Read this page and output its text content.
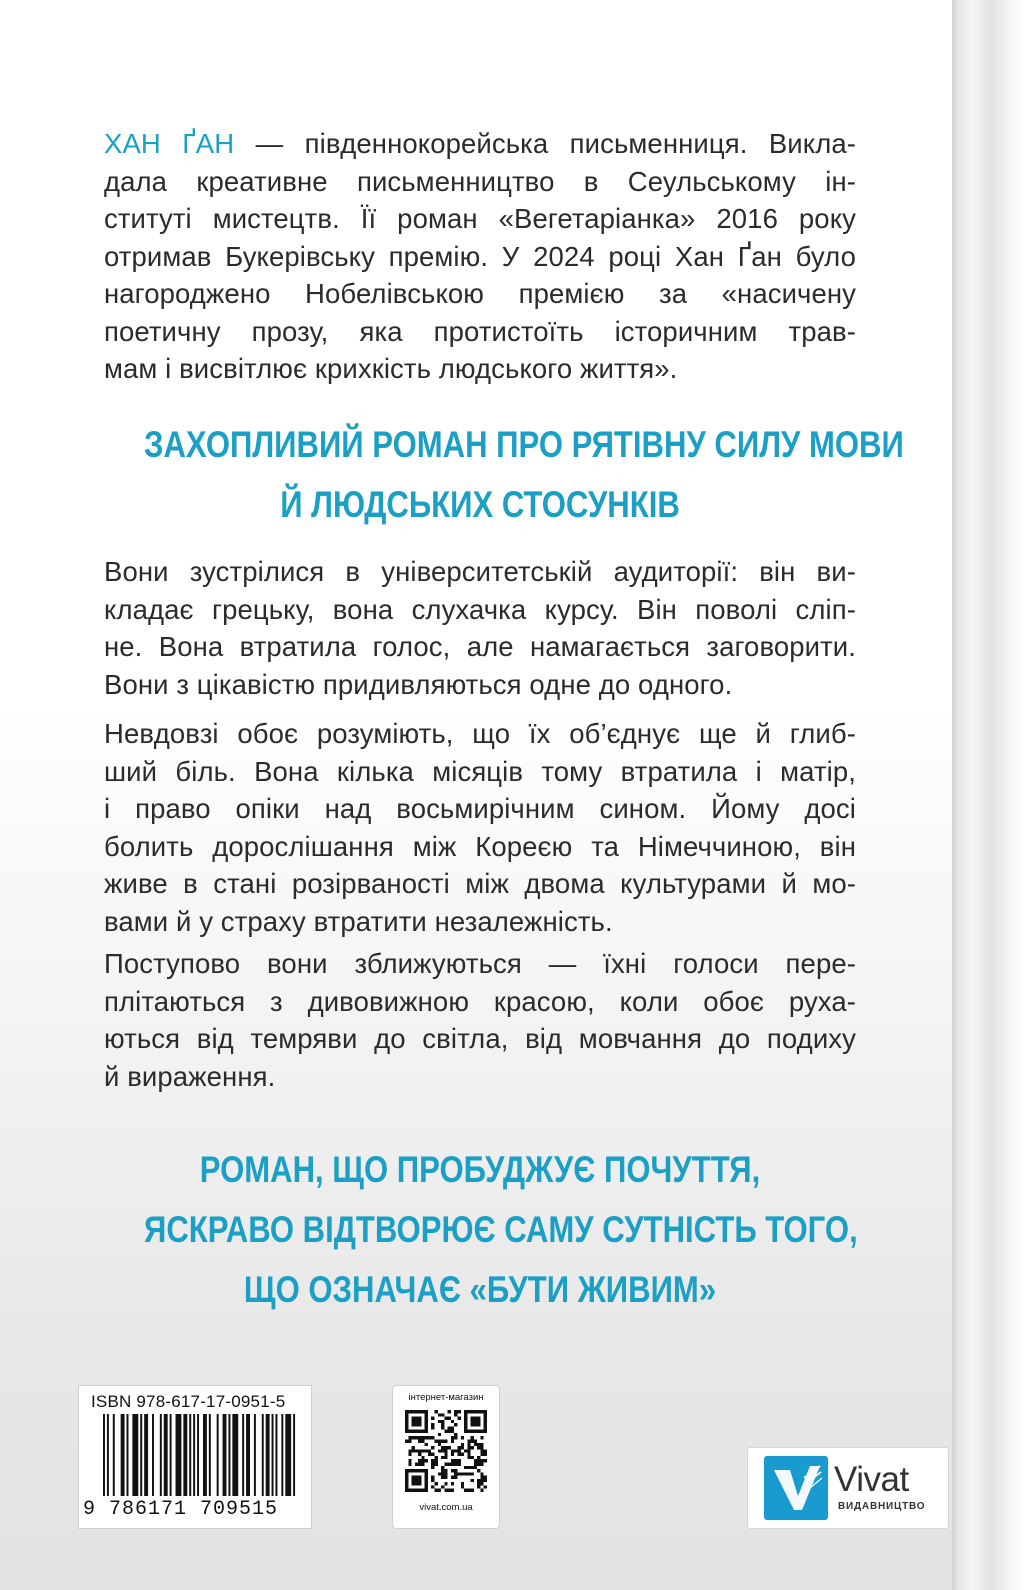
ХАН ҐАН — південнокорейська письменниця. Викла-
дала креативне письменництво в Сеульському ін-
ституті мистецтв. Її роман «Вегетаріанка» 2016 року
отримав Букерівську премію. У 2024 році Хан Ґан було
нагороджено Нобелівською премією за «насичену
поетичну прозу, яка протистоїть історичним трав-
мам і висвітлює крихкість людського життя».
ЗАХОПЛИВИЙ РОМАН ПРО РЯТІВНУ СИЛУ МОВИ
Й ЛЮДСЬКИХ СТОСУНКІВ
Вони зустрілися в університетській аудиторії: він ви-
кладає грецьку, вона слухачка курсу. Він поволі сліп-
не. Вона втратила голос, але намагається заговорити.
Вони з цікавістю придивляються одне до одного.
Невдовзі обоє розуміють, що їх об’єднує ще й глиб-
ший біль. Вона кілька місяців тому втратила і матір,
і право опіки над восьмирічним сином. Йому досі
болить дорослішання між Кореєю та Німеччиною, він
живе в стані розірваності між двома культурами й мо-
вами й у страху втратити незалежність.
Поступово вони зближуються — їхні голоси пере-
плітаються з дивовижною красою, коли обоє руха-
ються від темряви до світла, від мовчання до подиху
й вираження.
РОМАН, ЩО ПРОБУДЖУЄ ПОЧУТТЯ,
ЯСКРАВО ВІДТВОРЮЄ САМУ СУТНІСТЬ ТОГО,
ЩО ОЗНАЧАЄ «БУТИ ЖИВИМ»
ISBN 978-617-17-0951-5
9 786171 709515
інтернет-магазин
vivat.com.ua
Vivat
ВИДАВНИЦТВО
